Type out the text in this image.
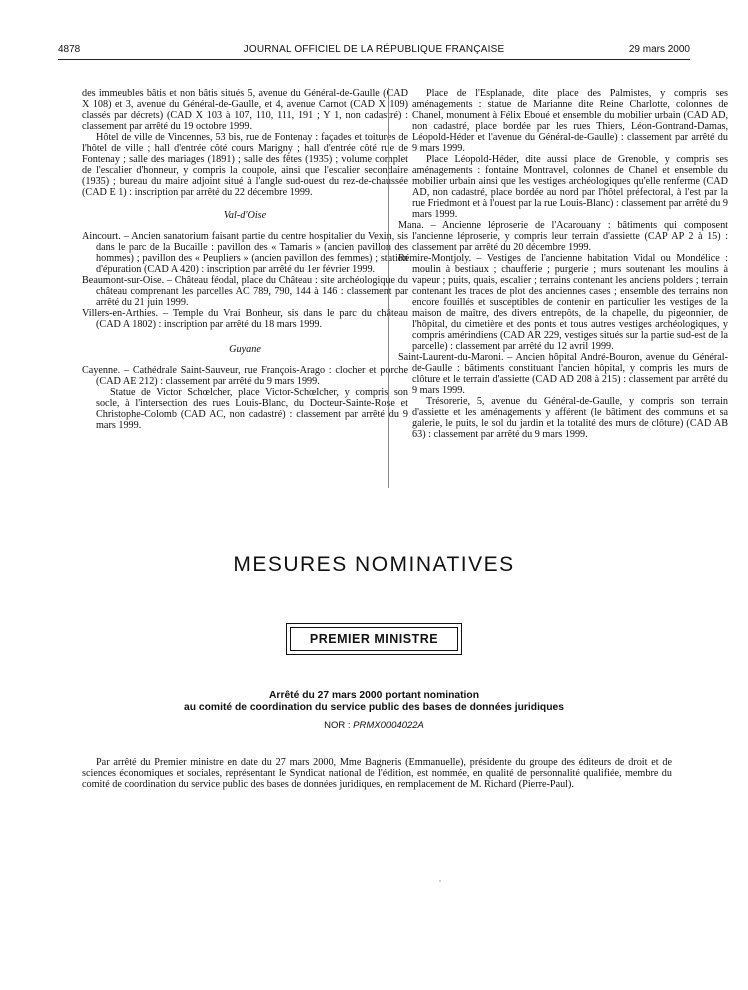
4878	JOURNAL OFFICIEL DE LA RÉPUBLIQUE FRANÇAISE	29 mars 2000

des immeubles bâtis et non bâtis situés 5, avenue du Général-de-Gaulle (CAD X 108) et 3, avenue du Général-de-Gaulle, et 4, avenue Carnot (CAD X 109) classés par décrets) (CAD X 103 à 107, 110, 111, 191 ; Y 1, non cadastré) : classement par arrêté du 19 octobre 1999.

Hôtel de ville de Vincennes, 53 bis, rue de Fontenay : façades et toitures de l'hôtel de ville ; hall d'entrée côté cours Marigny ; hall d'entrée côté rue de Fontenay ; salle des mariages (1891) ; salle des fêtes (1935) ; volume complet de l'escalier d'honneur, y compris la coupole, ainsi que l'escalier secondaire (1935) ; bureau du maire adjoint situé à l'angle sud-ouest du rez-de-chaussée (CAD E 1) : inscription par arrêté du 22 décembre 1999.

Val-d'Oise

Aincourt. – Ancien sanatorium faisant partie du centre hospitalier du Vexin, sis dans le parc de la Bucaille : pavillon des « Tamaris » (ancien pavillon des hommes) ; pavillon des « Peupliers » (ancien pavillon des femmes) ; station d'épuration (CAD A 420) : inscription par arrêté du 1er février 1999.

Beaumont-sur-Oise. – Château féodal, place du Château : site archéologique du château comprenant les parcelles AC 789, 790, 144 à 146 : classement par arrêté du 21 juin 1999.

Villers-en-Arthies. – Temple du Vrai Bonheur, sis dans le parc du château (CAD A 1802) : inscription par arrêté du 18 mars 1999.

Guyane

Cayenne. – Cathédrale Saint-Sauveur, rue François-Arago : clocher et porche (CAD AE 212) : classement par arrêté du 9 mars 1999.

Statue de Victor Schœlcher, place Victor-Schœlcher, y compris son socle, à l'intersection des rues Louis-Blanc, du Docteur-Sainte-Rose et Christophe-Colomb (CAD AC, non cadastré) : classement par arrêté du 9 mars 1999.

Place de l'Esplanade, dite place des Palmistes, y compris ses aménagements : statue de Marianne dite Reine Charlotte, colonnes de Chanel, monument à Félix Eboué et ensemble du mobilier urbain (CAD AD, non cadastré, place bordée par les rues Thiers, Léon-Gontrand-Damas, Léopold-Héder et l'avenue du Général-de-Gaulle) : classement par arrêté du 9 mars 1999.

Place Léopold-Héder, dite aussi place de Grenoble, y compris ses aménagements : fontaine Montravel, colonnes de Chanel et ensemble du mobilier urbain ainsi que les vestiges archéologiques qu'elle renferme (CAD AD, non cadastré, place bordée au nord par l'hôtel préfectoral, à l'est par la rue Friedmont et à l'ouest par la rue Louis-Blanc) : classement par arrêté du 9 mars 1999.

Mana. – Ancienne léproserie de l'Acarouany : bâtiments qui composent l'ancienne léproserie, y compris leur terrain d'assiette (CAP AP 2 à 15) : classement par arrêté du 20 décembre 1999.

Rémire-Montjoly. – Vestiges de l'ancienne habitation Vidal ou Mondélice : moulin à bestiaux ; chaufferie ; purgerie ; murs soutenant les moulins à vapeur ; puits, quais, escalier ; terrains contenant les anciens polders ; terrain contenant les traces de plot des anciennes cases ; ensemble des terrains non encore fouillés et susceptibles de contenir en particulier les vestiges de la maison de maître, des divers entrepôts, de la chapelle, du pigeonnier, de l'hôpital, du cimetière et des ponts et tous autres vestiges archéologiques, y compris amérindiens (CAD AR 229, vestiges situés sur la partie sud-est de la parcelle) : classement par arrêté du 12 avril 1999.

Saint-Laurent-du-Maroni. – Ancien hôpital André-Bouron, avenue du Général-de-Gaulle : bâtiments constituant l'ancien hôpital, y compris les murs de clôture et le terrain d'assiette (CAD AD 208 à 215) : classement par arrêté du 9 mars 1999.

Trésorerie, 5, avenue du Général-de-Gaulle, y compris son terrain d'assiette et les aménagements y afférent (le bâtiment des communs et sa galerie, le puits, le sol du jardin et la totalité des murs de clôture) (CAD AB 63) : classement par arrêté du 9 mars 1999.

MESURES NOMINATIVES
PREMIER MINISTRE
Arrêté du 27 mars 2000 portant nomination
au comité de coordination du service public des bases de données juridiques
NOR : PRMX0004022A

Par arrêté du Premier ministre en date du 27 mars 2000, Mme Bagneris (Emmanuelle), présidente du groupe des éditeurs de droit et de sciences économiques et sociales, représentant le Syndicat national de l'édition, est nommée, en qualité de personnalité qualifiée, membre du comité de coordination du service public des bases de données juridiques, en remplacement de M. Richard (Pierre-Paul).
